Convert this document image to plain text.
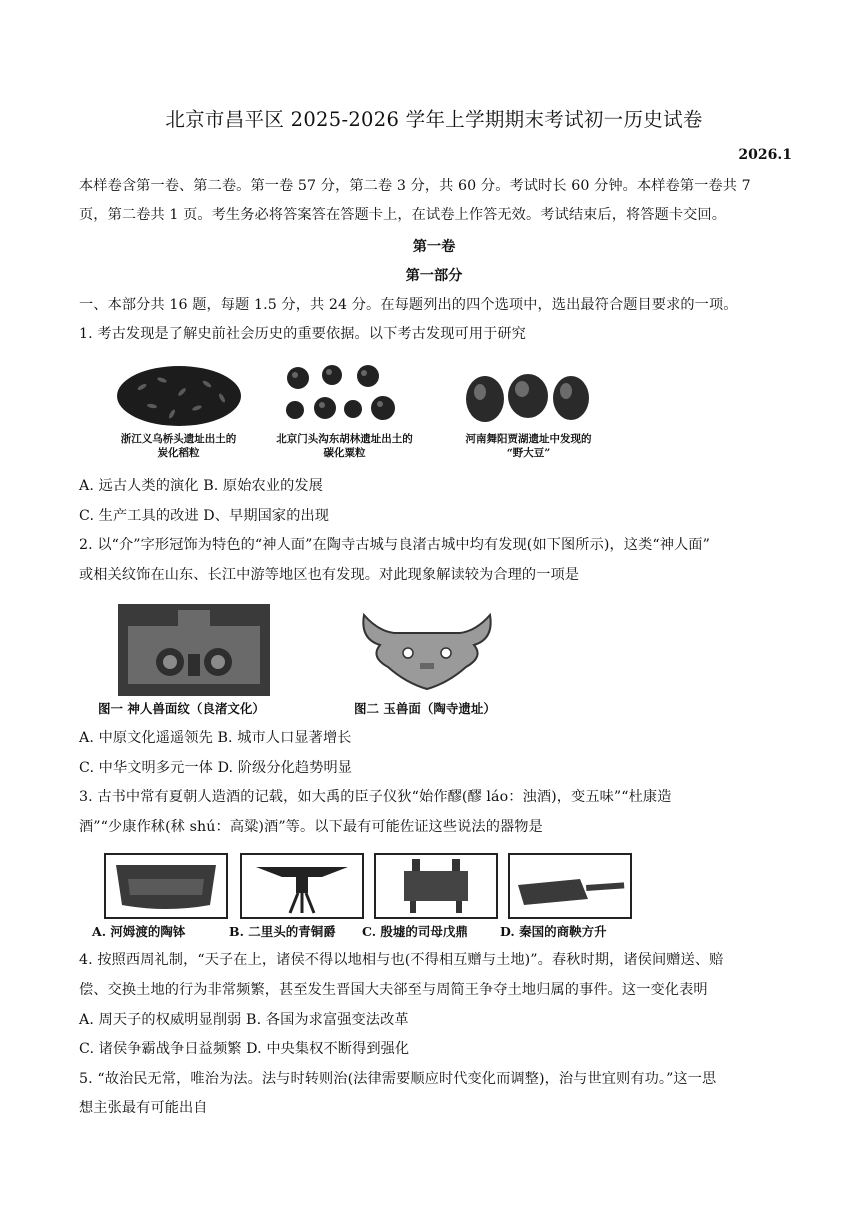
北京市昌平区 2025-2026 学年上学期期末考试初一历史试卷
2026.1
本样卷含第一卷、第二卷。第一卷 57 分，第二卷 3 分，共 60 分。考试时长 60 分钟。本样卷第一卷共 7
页，第二卷共 1 页。考生务必将答案答在答题卡上，在试卷上作答无效。考试结束后，将答题卡交回。
第一卷
第一部分
一、本部分共 16 题，每题 1.5 分，共 24 分。在每题列出的四个选项中，选出最符合题目要求的一项。
1. 考古发现是了解史前社会历史的重要依据。以下考古发现可用于研究
浙江义乌桥头遗址出土的
炭化稻粒
北京门头沟东胡林遗址出土的
碳化粟粒
河南舞阳贾湖遗址中发现的
“野大豆”
A. 远古人类的演化 B. 原始农业的发展
C. 生产工具的改进 D、早期国家的出现
2. 以“介”字形冠饰为特色的“神人面”在陶寺古城与良渚古城中均有发现(如下图所示)，这类“神人面”
或相关纹饰在山东、长江中游等地区也有发现。对此现象解读较为合理的一项是
图一 神人兽面纹（良渚文化）	图二 玉兽面（陶寺遗址）
A. 中原文化遥遥领先 B. 城市人口显著增长
C. 中华文明多元一体 D. 阶级分化趋势明显
3. 古书中常有夏朝人造酒的记载，如大禹的臣子仪狄“始作醪(醪 láo：浊酒)，变五味”“杜康造
酒”“少康作秫(秫 shú：高粱)酒”等。以下最有可能佐证这些说法的器物是
A. 河姆渡的陶钵	B. 二里头的青铜爵 C. 殷墟的司母戊鼎	D. 秦国的商鞅方升
4. 按照西周礼制，“天子在上，诸侯不得以地相与也(不得相互赠与土地)”。春秋时期，诸侯间赠送、赔
偿、交换土地的行为非常频繁，甚至发生晋国大夫郤至与周简王争夺土地归属的事件。这一变化表明
A. 周天子的权威明显削弱 B. 各国为求富强变法改革
C. 诸侯争霸战争日益频繁 D. 中央集权不断得到强化
5. “故治民无常，唯治为法。法与时转则治(法律需要顺应时代变化而调整)，治与世宜则有功。”这一思
想主张最有可能出自
